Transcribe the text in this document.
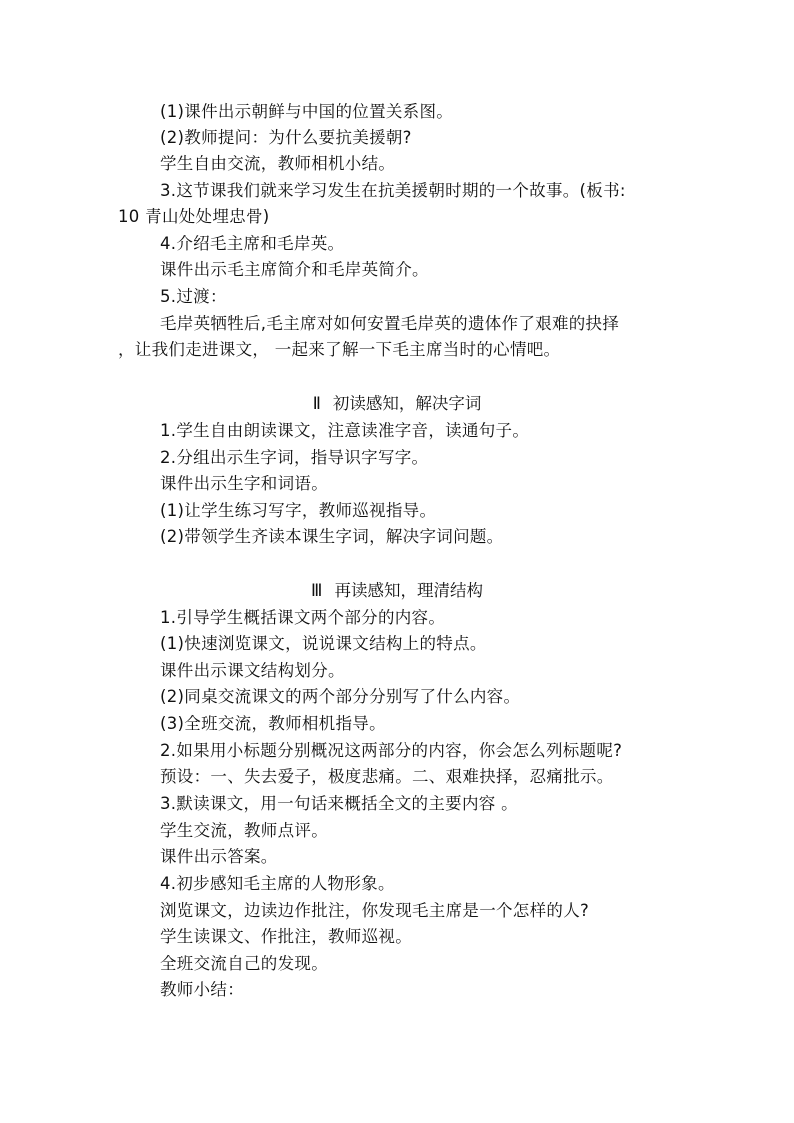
(1)课件出示朝鲜与中国的位置关系图。
(2)教师提问：为什么要抗美援朝?
学生自由交流，教师相机小结。
3.这节课我们就来学习发生在抗美援朝时期的一个故事。(板书:
10 青山处处埋忠骨)
4.介绍毛主席和毛岸英。
课件出示毛主席简介和毛岸英简介。
5.过渡：
毛岸英牺牲后,毛主席对如何安置毛岸英的遗体作了艰难的抉择
，让我们走进课文， 一起来了解一下毛主席当时的心情吧。
Ⅱ 初读感知，解决字词
1.学生自由朗读课文，注意读准字音，读通句子。
2.分组出示生字词，指导识字写字。
课件出示生字和词语。
(1)让学生练习写字，教师巡视指导。
(2)带领学生齐读本课生字词，解决字词问题。
Ⅲ 再读感知，理清结构
1.引导学生概括课文两个部分的内容。
(1)快速浏览课文，说说课文结构上的特点。
课件出示课文结构划分。
(2)同桌交流课文的两个部分分别写了什么内容。
(3)全班交流，教师相机指导。
2.如果用小标题分别概况这两部分的内容，你会怎么列标题呢?
预设：一、失去爱子，极度悲痛。二、艰难抉择，忍痛批示。
3.默读课文，用一句话来概括全文的主要内容 。
学生交流，教师点评。
课件出示答案。
4.初步感知毛主席的人物形象。
浏览课文，边读边作批注，你发现毛主席是一个怎样的人?
学生读课文、作批注，教师巡视。
全班交流自己的发现。
教师小结：
